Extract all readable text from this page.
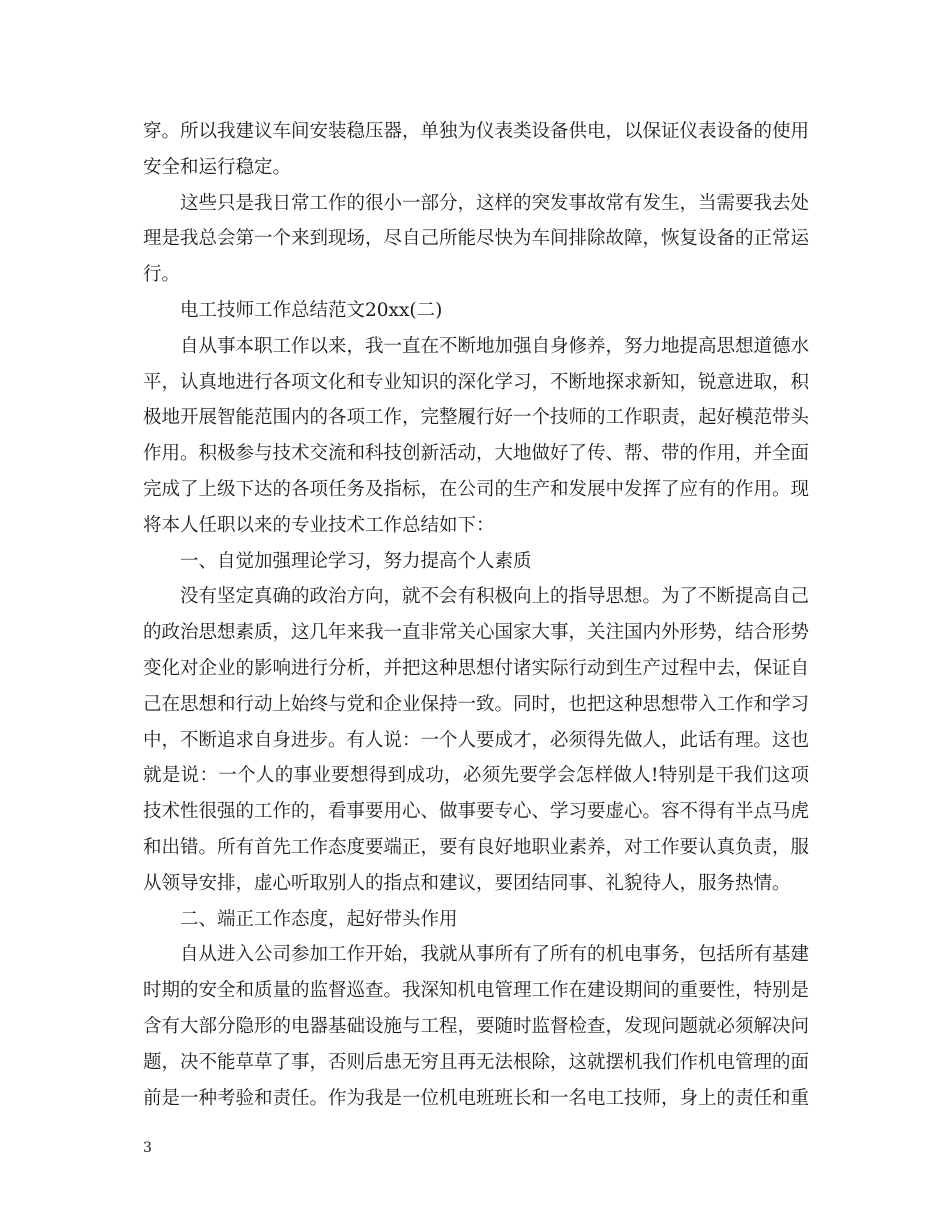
穿。所以我建议车间安装稳压器，单独为仪表类设备供电，以保证仪表设备的使用安全和运行稳定。

这些只是我日常工作的很小一部分，这样的突发事故常有发生，当需要我去处理是我总会第一个来到现场，尽自己所能尽快为车间排除故障，恢复设备的正常运行。

电工技师工作总结范文20xx(二)

自从事本职工作以来，我一直在不断地加强自身修养，努力地提高思想道德水平，认真地进行各项文化和专业知识的深化学习，不断地探求新知，锐意进取，积极地开展智能范围内的各项工作，完整履行好一个技师的工作职责，起好模范带头作用。积极参与技术交流和科技创新活动，大地做好了传、帮、带的作用，并全面完成了上级下达的各项任务及指标，在公司的生产和发展中发挥了应有的作用。现将本人任职以来的专业技术工作总结如下：

一、自觉加强理论学习，努力提高个人素质

没有坚定真确的政治方向，就不会有积极向上的指导思想。为了不断提高自己的政治思想素质，这几年来我一直非常关心国家大事，关注国内外形势，结合形势变化对企业的影响进行分析，并把这种思想付诸实际行动到生产过程中去，保证自己在思想和行动上始终与党和企业保持一致。同时，也把这种思想带入工作和学习中，不断追求自身进步。有人说：一个人要成才，必须得先做人，此话有理。这也就是说：一个人的事业要想得到成功，必须先要学会怎样做人!特别是干我们这项技术性很强的工作的，看事要用心、做事要专心、学习要虚心。容不得有半点马虎和出错。所有首先工作态度要端正，要有良好地职业素养，对工作要认真负责，服从领导安排，虚心听取别人的指点和建议，要团结同事、礼貌待人，服务热情。

二、端正工作态度，起好带头作用

自从进入公司参加工作开始，我就从事所有了所有的机电事务，包括所有基建时期的安全和质量的监督巡查。我深知机电管理工作在建设期间的重要性，特别是含有大部分隐形的电器基础设施与工程，要随时监督检查，发现问题就必须解决问题，决不能草草了事，否则后患无穷且再无法根除，这就摆机我们作机电管理的面前是一种考验和责任。作为我是一位机电班班长和一名电工技师，身上的责任和重

3
